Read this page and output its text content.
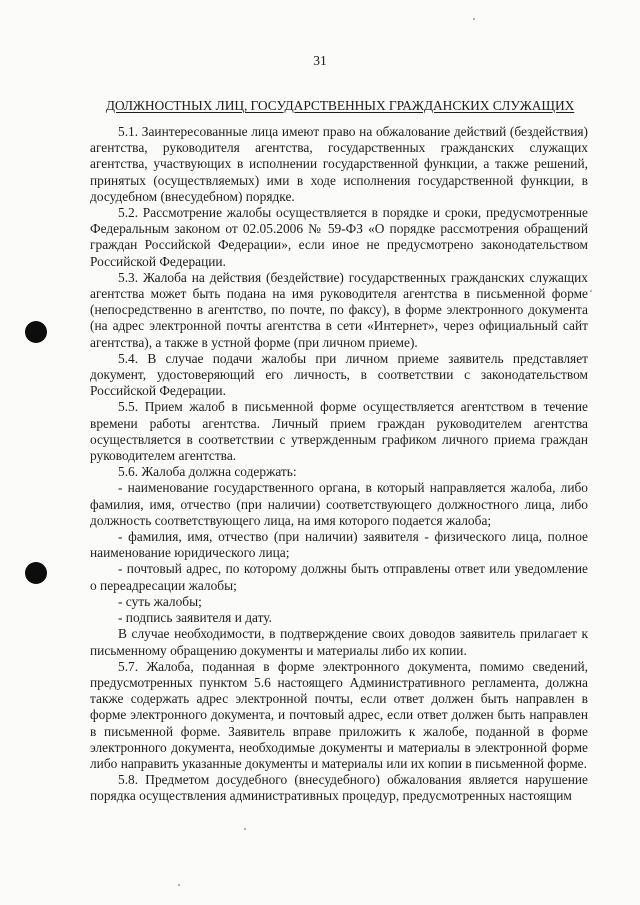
31
ДОЛЖНОСТНЫХ ЛИЦ, ГОСУДАРСТВЕННЫХ ГРАЖДАНСКИХ СЛУЖАЩИХ

5.1. Заинтересованные лица имеют право на обжалование действий (бездействия) агентства, руководителя агентства, государственных гражданских служащих агентства, участвующих в исполнении государственной функции, а также решений, принятых (осуществляемых) ими в ходе исполнения государственной функции, в досудебном (внесудебном) порядке.

5.2. Рассмотрение жалобы осуществляется в порядке и сроки, предусмотренные Федеральным законом от 02.05.2006 № 59-ФЗ «О порядке рассмотрения обращений граждан Российской Федерации», если иное не предусмотрено законодательством Российской Федерации.

5.3. Жалоба на действия (бездействие) государственных гражданских служащих агентства может быть подана на имя руководителя агентства в письменной форме (непосредственно в агентство, по почте, по факсу), в форме электронного документа (на адрес электронной почты агентства в сети «Интернет», через официальный сайт агентства), а также в устной форме (при личном приеме).

5.4. В случае подачи жалобы при личном приеме заявитель представляет документ, удостоверяющий его личность, в соответствии с законодательством Российской Федерации.

5.5. Прием жалоб в письменной форме осуществляется агентством в течение времени работы агентства. Личный прием граждан руководителем агентства осуществляется в соответствии с утвержденным графиком личного приема граждан руководителем агентства.

5.6. Жалоба должна содержать:

- наименование государственного органа, в который направляется жалоба, либо фамилия, имя, отчество (при наличии) соответствующего должностного лица, либо должность соответствующего лица, на имя которого подается жалоба;

- фамилия, имя, отчество (при наличии) заявителя - физического лица, полное наименование юридического лица;

- почтовый адрес, по которому должны быть отправлены ответ или уведомление о переадресации жалобы;

- суть жалобы;

- подпись заявителя и дату.

В случае необходимости, в подтверждение своих доводов заявитель прилагает к письменному обращению документы и материалы либо их копии.

5.7. Жалоба, поданная в форме электронного документа, помимо сведений, предусмотренных пунктом 5.6 настоящего Административного регламента, должна также содержать адрес электронной почты, если ответ должен быть направлен в форме электронного документа, и почтовый адрес, если ответ должен быть направлен в письменной форме. Заявитель вправе приложить к жалобе, поданной в форме электронного документа, необходимые документы и материалы в электронной форме либо направить указанные документы и материалы или их копии в письменной форме.

5.8. Предметом досудебного (внесудебного) обжалования является нарушение порядка осуществления административных процедур, предусмотренных настоящим
